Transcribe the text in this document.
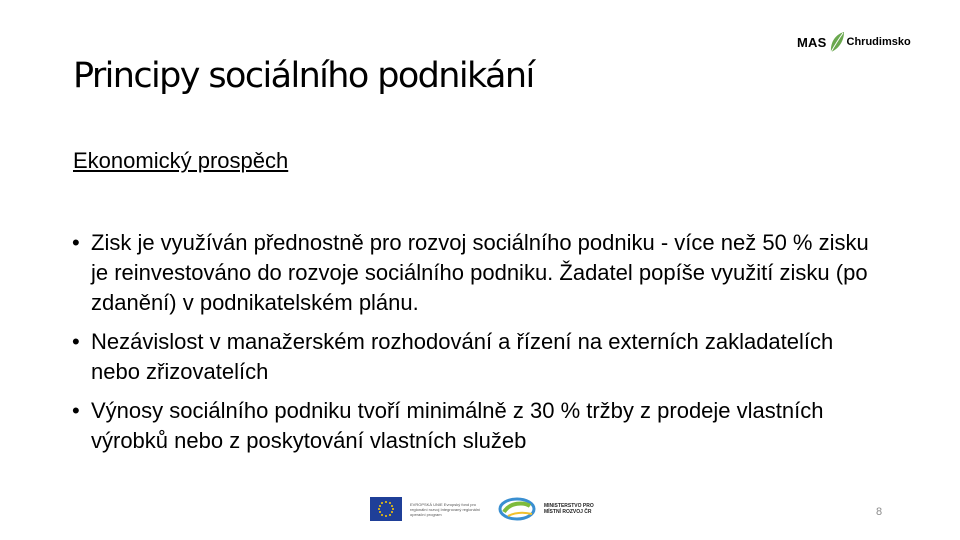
MAS Chrudimsko
Principy sociálního podnikání

Ekonomický prospěch

• Zisk je využíván přednostně pro rozvoj sociálního podniku - více než 50 % zisku je reinvestováno do rozvoje sociálního podniku. Žadatel popíše využití zisku (po zdanění) v podnikatelském plánu.
• Nezávislost v manažerském rozhodování a řízení na externích zakladatelích nebo zřizovatelích
• Výnosy sociálního podniku tvoří minimálně z 30 % tržby z prodeje vlastních výrobků nebo z poskytování vlastních služeb
EVROPSKÁ UNIE Evropský fond pro regionální rozvoj Integrovaný regionální operační program
MINISTERSTVO PRO MÍSTNÍ ROZVOJ ČR	8
